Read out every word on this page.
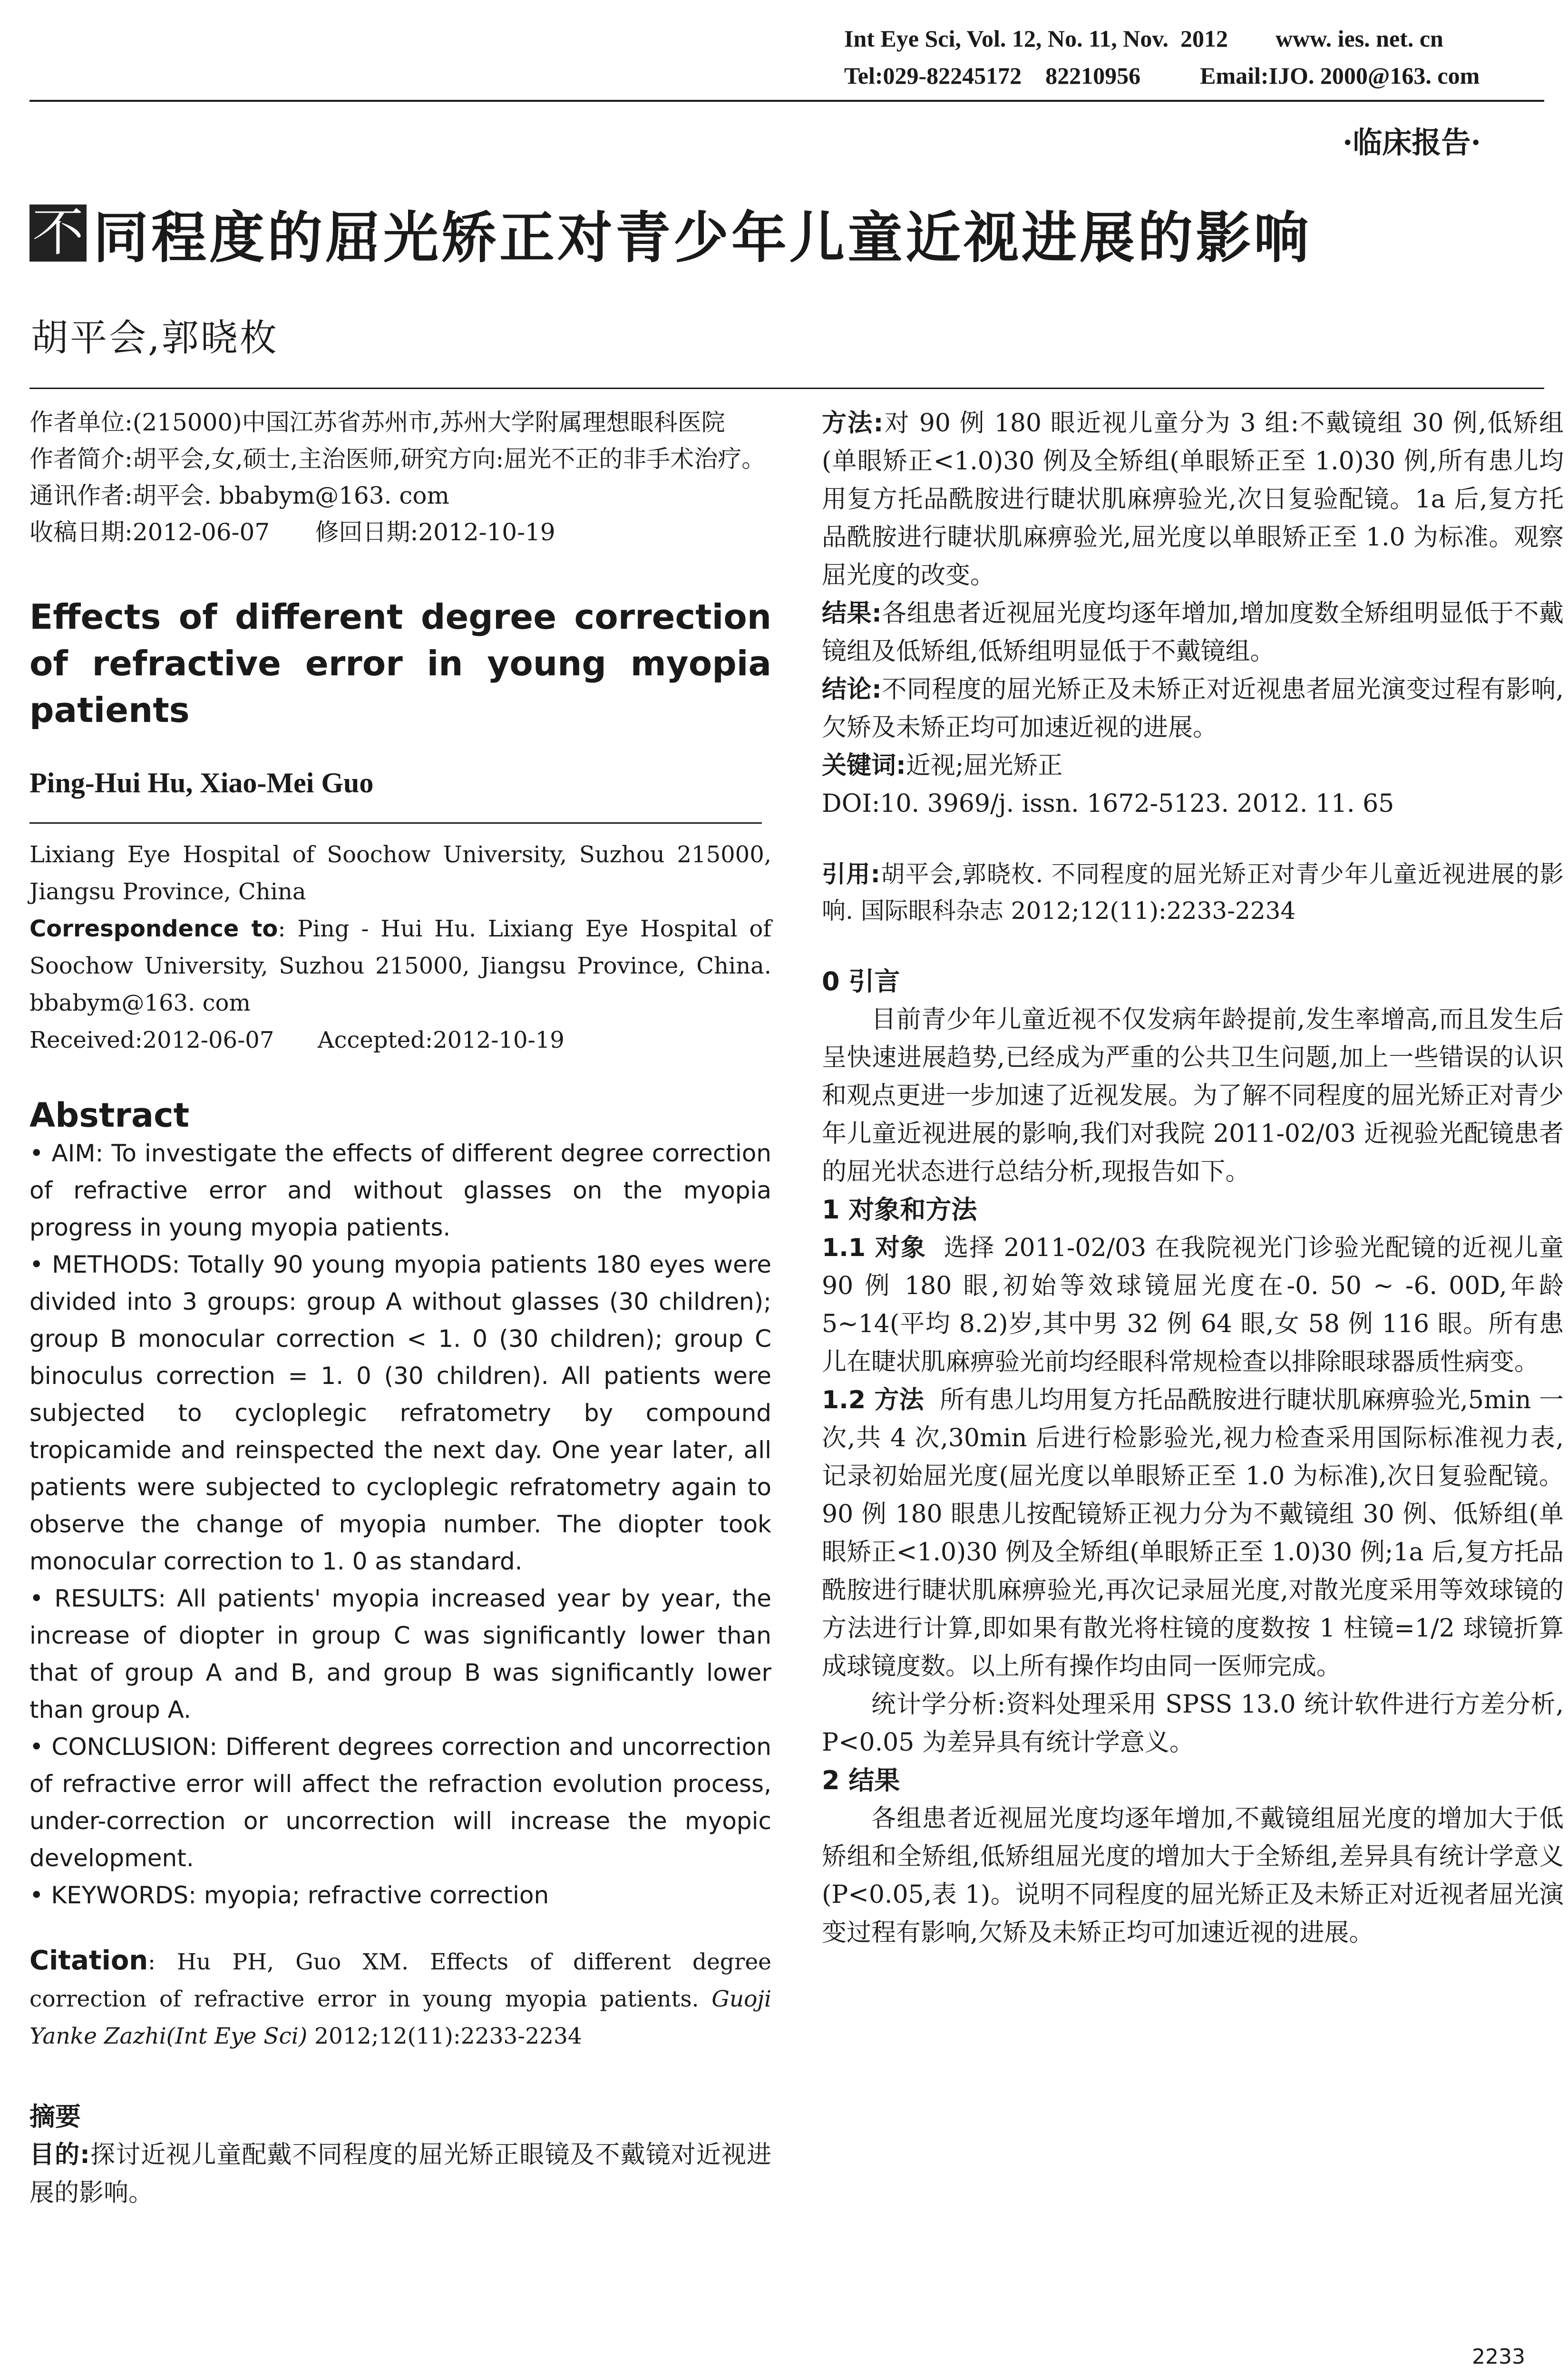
Int Eye Sci, Vol. 12, No. 11, Nov.  2012        www. ies. net. cn
Tel:029-82245172    82210956          Email:IJO. 2000@163. com
·临床报告·
不 同程度的屈光矫正对青少年儿童近视进展的影响
胡平会,郭晓枚

作者单位:(215000)中国江苏省苏州市,苏州大学附属理想眼科医院

作者简介:胡平会,女,硕士,主治医师,研究方向:屈光不正的非手术治疗。

通讯作者:胡平会. bbabym@163. com

收稿日期:2012-06-07      修回日期:2012-10-19

Effects of different degree correction of refractive error in young myopia patients

Ping-Hui Hu, Xiao-Mei Guo

Lixiang Eye Hospital of Soochow University, Suzhou 215000, Jiangsu Province, China

Correspondence to: Ping - Hui Hu. Lixiang Eye Hospital of Soochow University, Suzhou 215000, Jiangsu Province, China. bbabym@163. com

Received:2012-06-07      Accepted:2012-10-19

Abstract

• AIM: To investigate the effects of different degree correction of refractive error and without glasses on the myopia progress in young myopia patients.

• METHODS: Totally 90 young myopia patients 180 eyes were divided into 3 groups: group A without glasses (30 children); group B monocular correction < 1. 0 (30 children); group C binoculus correction = 1. 0 (30 children). All patients were subjected to cycloplegic refratometry by compound tropicamide and reinspected the next day. One year later, all patients were subjected to cycloplegic refratometry again to observe the change of myopia number. The diopter took monocular correction to 1. 0 as standard.

• RESULTS: All patients' myopia increased year by year, the increase of diopter in group C was significantly lower than that of group A and B, and group B was significantly lower than group A.

• CONCLUSION: Different degrees correction and uncorrection of refractive error will affect the refraction evolution process, under-correction or uncorrection will increase the myopic development.

• KEYWORDS: myopia; refractive correction

Citation: Hu PH, Guo XM. Effects of different degree correction of refractive error in young myopia patients. Guoji Yanke Zazhi(Int Eye Sci) 2012;12(11):2233-2234

摘要

目的:探讨近视儿童配戴不同程度的屈光矫正眼镜及不戴镜对近视进展的影响。

方法:对 90 例 180 眼近视儿童分为 3 组:不戴镜组 30 例,低矫组(单眼矫正<1.0)30 例及全矫组(单眼矫正至 1.0)30 例,所有患儿均用复方托品酰胺进行睫状肌麻痹验光,次日复验配镜。1a 后,复方托品酰胺进行睫状肌麻痹验光,屈光度以单眼矫正至 1.0 为标准。观察屈光度的改变。

结果:各组患者近视屈光度均逐年增加,增加度数全矫组明显低于不戴镜组及低矫组,低矫组明显低于不戴镜组。

结论:不同程度的屈光矫正及未矫正对近视患者屈光演变过程有影响,欠矫及未矫正均可加速近视的进展。

关键词:近视;屈光矫正

DOI:10. 3969/j. issn. 1672-5123. 2012. 11. 65

引用:胡平会,郭晓枚. 不同程度的屈光矫正对青少年儿童近视进展的影响. 国际眼科杂志 2012;12(11):2233-2234

0 引言

目前青少年儿童近视不仅发病年龄提前,发生率增高,而且发生后呈快速进展趋势,已经成为严重的公共卫生问题,加上一些错误的认识和观点更进一步加速了近视发展。为了解不同程度的屈光矫正对青少年儿童近视进展的影响,我们对我院 2011-02/03 近视验光配镜患者的屈光状态进行总结分析,现报告如下。

1 对象和方法

1.1 对象 选择 2011-02/03 在我院视光门诊验光配镜的近视儿童 90 例 180 眼,初始等效球镜屈光度在-0. 50 ~ -6. 00D,年龄 5~14(平均 8.2)岁,其中男 32 例 64 眼,女 58 例 116 眼。所有患儿在睫状肌麻痹验光前均经眼科常规检查以排除眼球器质性病变。

1.2 方法 所有患儿均用复方托品酰胺进行睫状肌麻痹验光,5min 一次,共 4 次,30min 后进行检影验光,视力检查采用国际标准视力表,记录初始屈光度(屈光度以单眼矫正至 1.0 为标准),次日复验配镜。90 例 180 眼患儿按配镜矫正视力分为不戴镜组 30 例、低矫组(单眼矫正<1.0)30 例及全矫组(单眼矫正至 1.0)30 例;1a 后,复方托品酰胺进行睫状肌麻痹验光,再次记录屈光度,对散光度采用等效球镜的方法进行计算,即如果有散光将柱镜的度数按 1 柱镜=1/2 球镜折算成球镜度数。以上所有操作均由同一医师完成。

统计学分析:资料处理采用 SPSS 13.0 统计软件进行方差分析, P<0.05 为差异具有统计学意义。

2 结果

各组患者近视屈光度均逐年增加,不戴镜组屈光度的增加大于低矫组和全矫组,低矫组屈光度的增加大于全矫组,差异具有统计学意义(P<0.05,表 1)。说明不同程度的屈光矫正及未矫正对近视者屈光演变过程有影响,欠矫及未矫正均可加速近视的进展。

2233
